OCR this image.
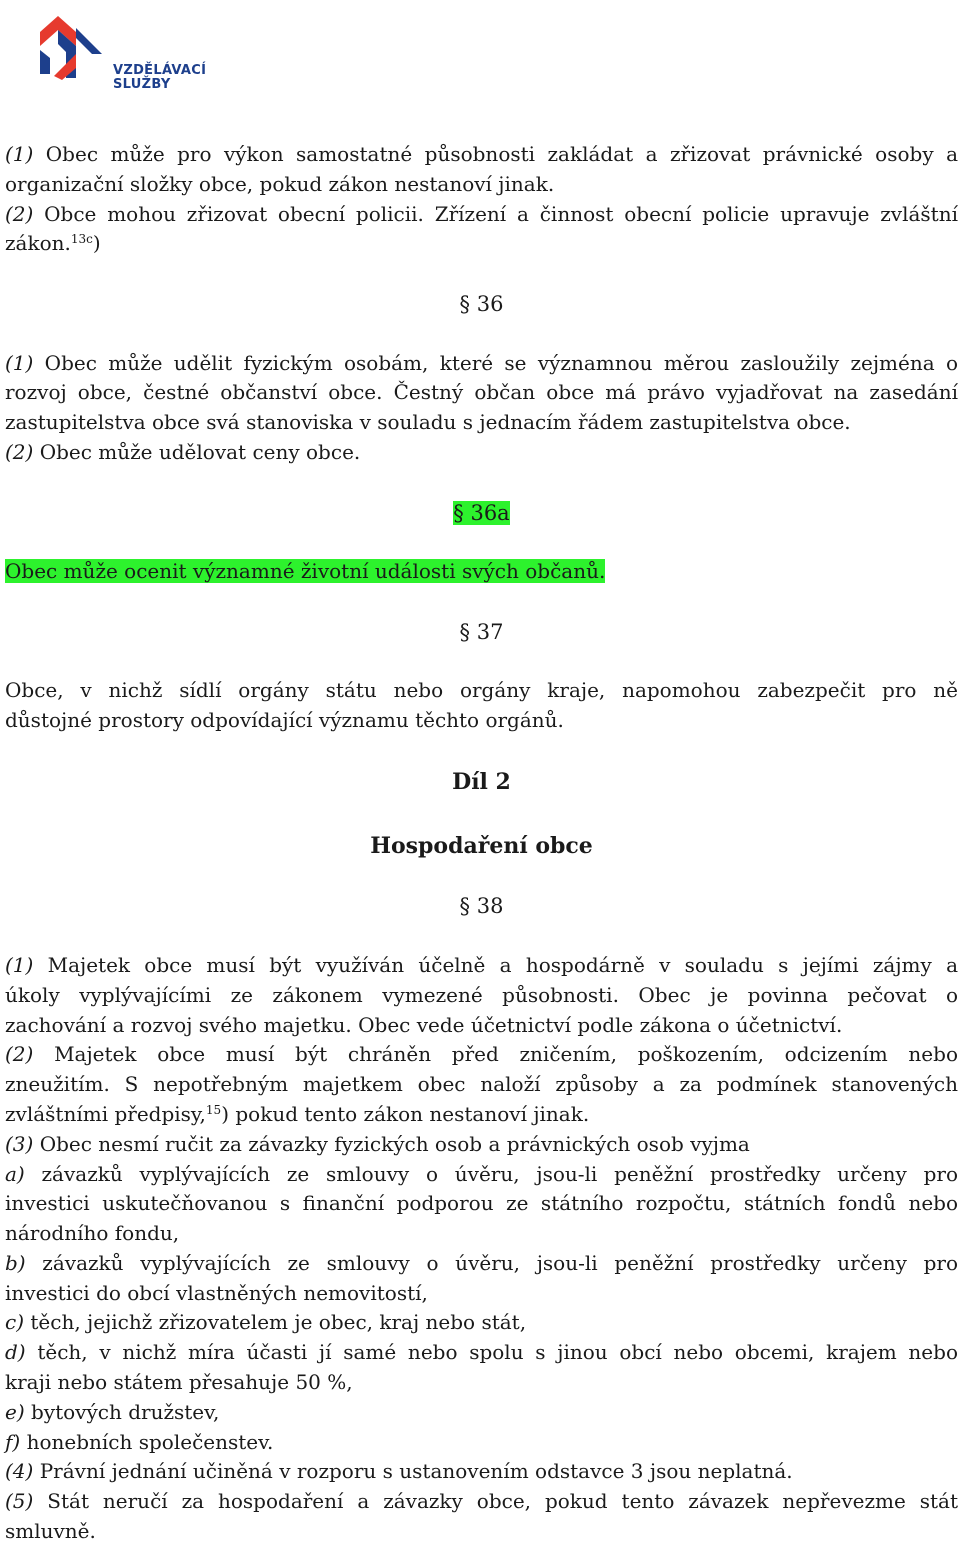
VZDĚLÁVACÍ
SLUŽBY
(1) Obec může pro výkon samostatné působnosti zakládat a zřizovat právnické osoby a
organizační složky obce, pokud zákon nestanoví jinak.
(2) Obce mohou zřizovat obecní policii. Zřízení a činnost obecní policie upravuje zvláštní
zákon.$^{13c}$)
§ 36
(1) Obec může udělit fyzickým osobám, které se významnou měrou zasloužily zejména o
rozvoj obce, čestné občanství obce. Čestný občan obce má právo vyjadřovat na zasedání
zastupitelstva obce svá stanoviska v souladu s jednacím řádem zastupitelstva obce.
(2) Obec může udělovat ceny obce.
§ 36a
Obec může ocenit významné životní události svých občanů.
§ 37
Obce, v nichž sídlí orgány státu nebo orgány kraje, napomohou zabezpečit pro ně
důstojné prostory odpovídající významu těchto orgánů.
Díl 2
Hospodaření obce
§ 38
(1) Majetek obce musí být využíván účelně a hospodárně v souladu s jejími zájmy a
úkoly vyplývajícími ze zákonem vymezené působnosti. Obec je povinna pečovat o
zachování a rozvoj svého majetku. Obec vede účetnictví podle zákona o účetnictví.
(2) Majetek obce musí být chráněn před zničením, poškozením, odcizením nebo
zneužitím. S nepotřebným majetkem obec naloží způsoby a za podmínek stanovených
zvláštními předpisy,$^{15}$) pokud tento zákon nestanoví jinak.
(3) Obec nesmí ručit za závazky fyzických osob a právnických osob vyjma
a) závazků vyplývajících ze smlouvy o úvěru, jsou-li peněžní prostředky určeny pro
investici uskutečňovanou s finanční podporou ze státního rozpočtu, státních fondů nebo
národního fondu,
b) závazků vyplývajících ze smlouvy o úvěru, jsou-li peněžní prostředky určeny pro
investici do obcí vlastněných nemovitostí,
c) těch, jejichž zřizovatelem je obec, kraj nebo stát,
d) těch, v nichž míra účasti jí samé nebo spolu s jinou obcí nebo obcemi, krajem nebo
kraji nebo státem přesahuje 50 %,
e) bytových družstev,
f) honebních společenstev.
(4) Právní jednání učiněná v rozporu s ustanovením odstavce 3 jsou neplatná.
(5) Stát neručí za hospodaření a závazky obce, pokud tento závazek nepřevezme stát
smluvně.
